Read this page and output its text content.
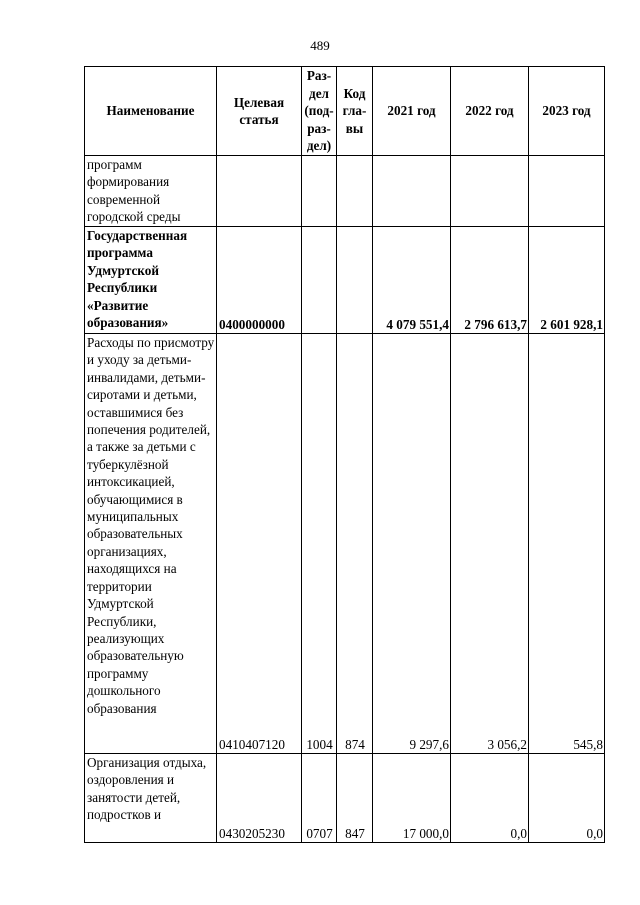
489
Наименование	Целевая статья	Раз-дел (под-раз-дел)	Код гла-вы	2021 год	2022 год	2023 год
программ формирования современной городской среды						
Государственная программа Удмуртской Республики «Развитие образования»	0400000000			4 079 551,4	2 796 613,7	2 601 928,1
Расходы по присмотру и уходу за детьми-инвалидами, детьми-сиротами и детьми, оставшимися без попечения родителей, а также за детьми с туберкулёзной интоксикацией, обучающимися в муниципальных образовательных организациях, находящихся на территории Удмуртской Республики, реализующих образовательную программу дошкольного образования	0410407120	1004	874	9 297,6	3 056,2	545,8
Организация отдыха, оздоровления и занятости детей, подростков и	0430205230	0707	847	17 000,0	0,0	0,0
